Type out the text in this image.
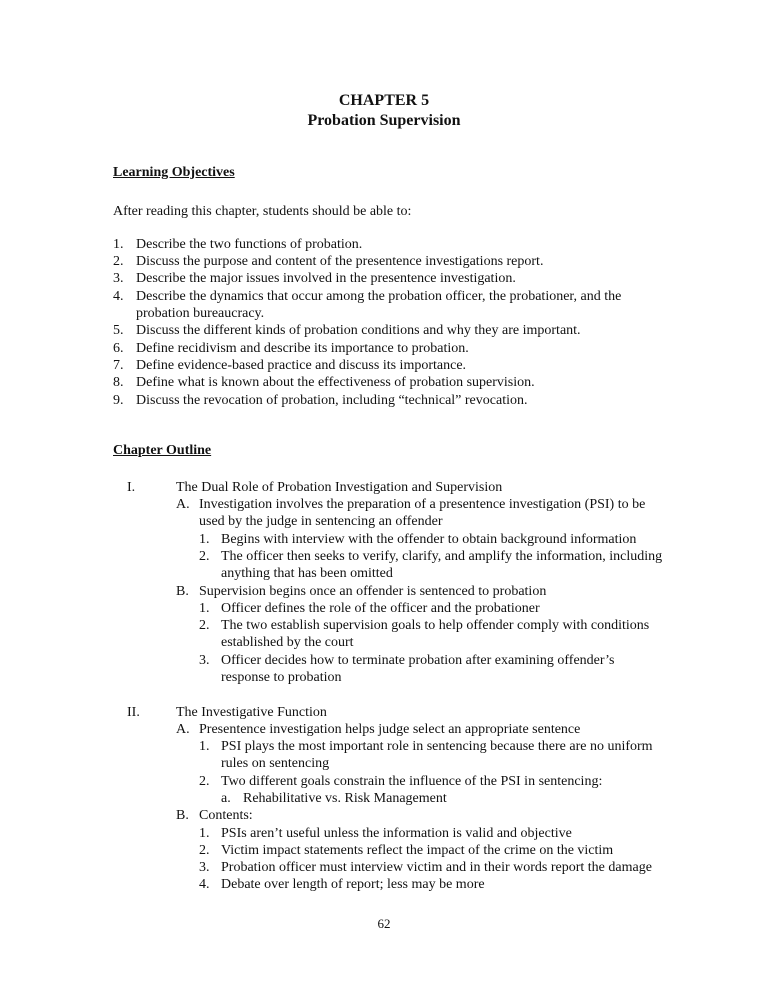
CHAPTER 5
Probation Supervision
Learning Objectives
After reading this chapter, students should be able to:
1. Describe the two functions of probation.
2. Discuss the purpose and content of the presentence investigations report.
3. Describe the major issues involved in the presentence investigation.
4. Describe the dynamics that occur among the probation officer, the probationer, and the
probation bureaucracy.
5. Discuss the different kinds of probation conditions and why they are important.
6. Define recidivism and describe its importance to probation.
7. Define evidence-based practice and discuss its importance.
8. Define what is known about the effectiveness of probation supervision.
9. Discuss the revocation of probation, including “technical” revocation.
Chapter Outline
I.	The Dual Role of Probation Investigation and Supervision
A. Investigation involves the preparation of a presentence investigation (PSI) to be
used by the judge in sentencing an offender
1. Begins with interview with the offender to obtain background information
2. The officer then seeks to verify, clarify, and amplify the information, including
anything that has been omitted
B. Supervision begins once an offender is sentenced to probation
1. Officer defines the role of the officer and the probationer
2. The two establish supervision goals to help offender comply with conditions
established by the court
3. Officer decides how to terminate probation after examining offender’s
response to probation
II.	The Investigative Function
A. Presentence investigation helps judge select an appropriate sentence
1. PSI plays the most important role in sentencing because there are no uniform
rules on sentencing
2. Two different goals constrain the influence of the PSI in sentencing:
a. Rehabilitative vs. Risk Management
B. Contents:
1. PSIs aren’t useful unless the information is valid and objective
2. Victim impact statements reflect the impact of the crime on the victim
3. Probation officer must interview victim and in their words report the damage
4. Debate over length of report; less may be more
62
